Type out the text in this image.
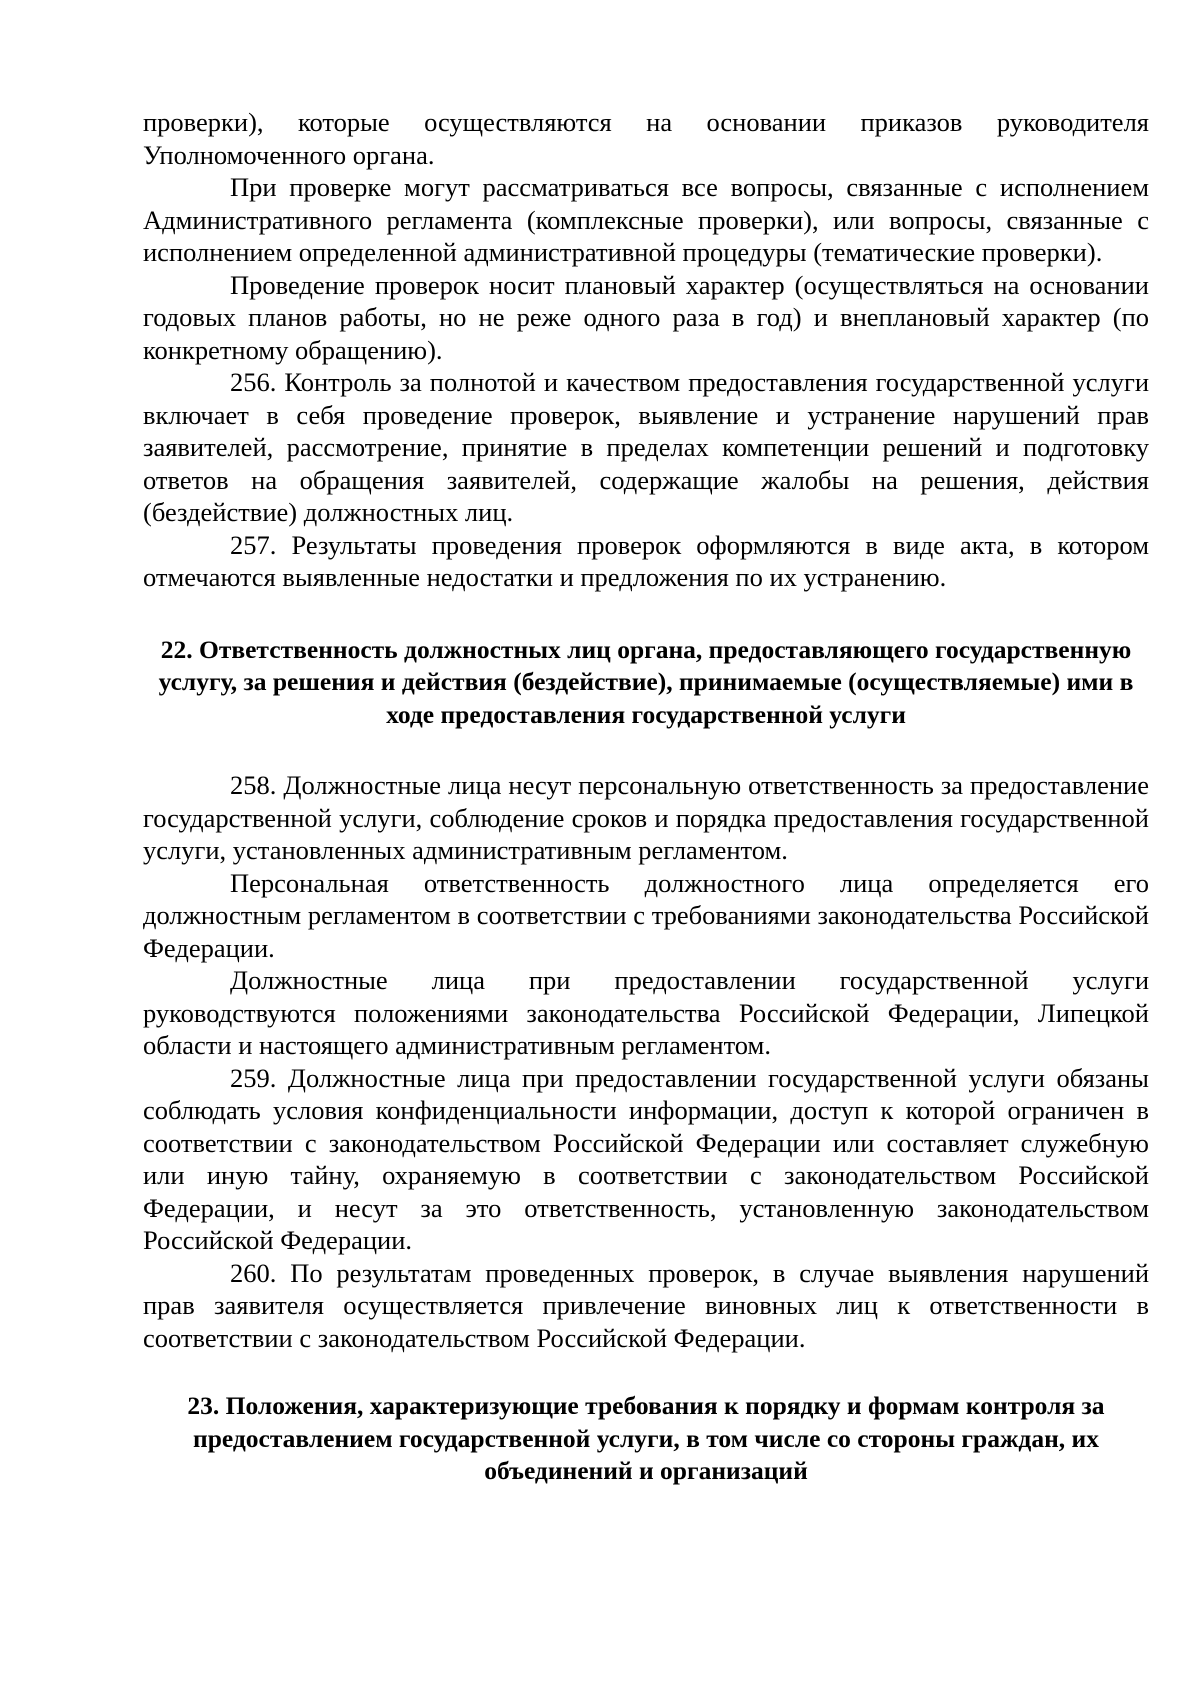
проверки), которые осуществляются на основании приказов руководителя Уполномоченного органа.

При проверке могут рассматриваться все вопросы, связанные с исполнением Административного регламента (комплексные проверки), или вопросы, связанные с исполнением определенной административной процедуры (тематические проверки).

Проведение проверок носит плановый характер (осуществляться на основании годовых планов работы, но не реже одного раза в год) и внеплановый характер (по конкретному обращению).

256. Контроль за полнотой и качеством предоставления государственной услуги включает в себя проведение проверок, выявление и устранение нарушений прав заявителей, рассмотрение, принятие в пределах компетенции решений и подготовку ответов на обращения заявителей, содержащие жалобы на решения, действия (бездействие) должностных лиц.

257. Результаты проведения проверок оформляются в виде акта, в котором отмечаются выявленные недостатки и предложения по их устранению.

22. Ответственность должностных лиц органа, предоставляющего государственную услугу, за решения и действия (бездействие), принимаемые (осуществляемые) ими в ходе предоставления государственной услуги

258. Должностные лица несут персональную ответственность за предоставление государственной услуги, соблюдение сроков и порядка предоставления государственной услуги, установленных административным регламентом.

Персональная ответственность должностного лица определяется его должностным регламентом в соответствии с требованиями законодательства Российской Федерации.

Должностные лица при предоставлении государственной услуги руководствуются положениями законодательства Российской Федерации, Липецкой области и настоящего административным регламентом.

259. Должностные лица при предоставлении государственной услуги обязаны соблюдать условия конфиденциальности информации, доступ к которой ограничен в соответствии с законодательством Российской Федерации или составляет служебную или иную тайну, охраняемую в соответствии с законодательством Российской Федерации, и несут за это ответственность, установленную законодательством Российской Федерации.

260. По результатам проведенных проверок, в случае выявления нарушений прав заявителя осуществляется привлечение виновных лиц к ответственности в соответствии с законодательством Российской Федерации.

23. Положения, характеризующие требования к порядку и формам контроля за предоставлением государственной услуги, в том числе со стороны граждан, их объединений и организаций
